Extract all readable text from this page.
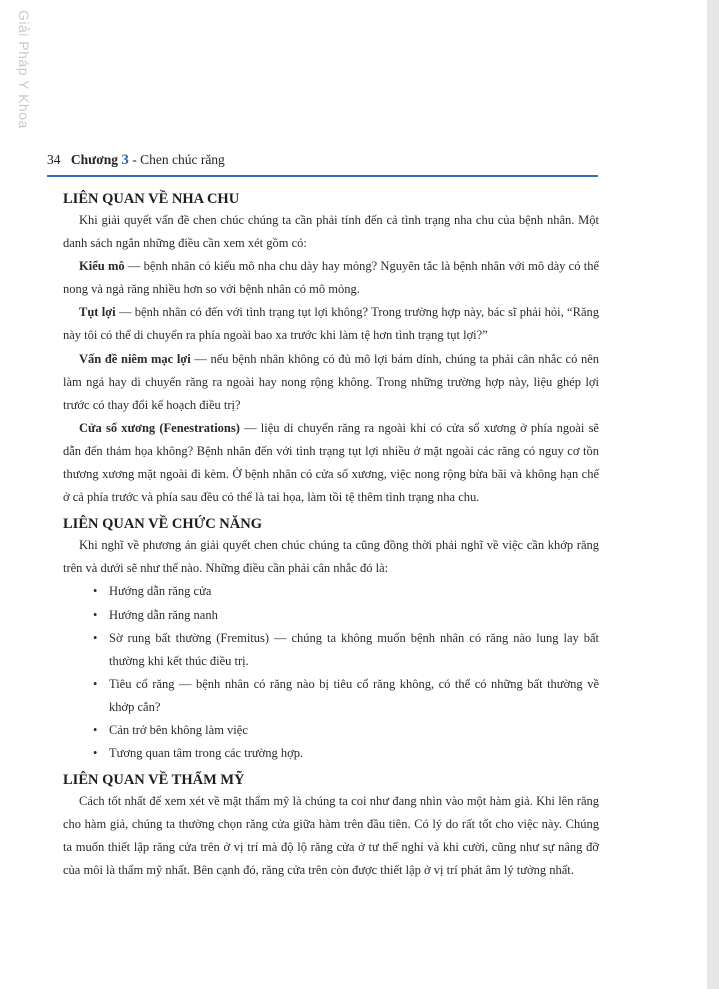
Giải Pháp Y Khoa
34 Chương 3 - Chen chúc răng
LIÊN QUAN VỀ NHA CHU

Khi giải quyết vấn đề chen chúc chúng ta cần phải tính đến cả tình trạng nha chu của bệnh nhân. Một danh sách ngắn những điều cần xem xét gồm có:

Kiểu mô — bệnh nhân có kiểu mô nha chu dày hay mỏng? Nguyên tắc là bệnh nhân với mô dày có thể nong và ngả răng nhiều hơn so với bệnh nhân có mô mỏng.

Tụt lợi — bệnh nhân có đến với tình trạng tụt lợi không? Trong trường hợp này, bác sĩ phải hỏi, “Răng này tôi có thể di chuyển ra phía ngoài bao xa trước khi làm tệ hơn tình trạng tụt lợi?”

Vấn đề niêm mạc lợi — nếu bệnh nhân không có đủ mô lợi bám dính, chúng ta phải cân nhắc có nên làm ngả hay di chuyển răng ra ngoài hay nong rộng không. Trong những trường hợp này, liệu ghép lợi trước có thay đổi kế hoạch điều trị?

Cửa sổ xương (Fenestrations) — liệu di chuyển răng ra ngoài khi có cửa sổ xương ở phía ngoài sẽ dẫn đến thảm họa không? Bệnh nhân đến với tình trạng tụt lợi nhiều ở mặt ngoài các răng có nguy cơ tồn thương xương mặt ngoài đi kèm. Ở bệnh nhân có cửa sổ xương, việc nong rộng bừa bãi và không hạn chế ở cả phía trước và phía sau đều có thể là tai họa, làm tồi tệ thêm tình trạng nha chu.

LIÊN QUAN VỀ CHỨC NĂNG

Khi nghĩ về phương án giải quyết chen chúc chúng ta cũng đồng thời phải nghĩ về việc cần khớp răng trên và dưới sẽ như thế nào. Những điều cần phải cân nhắc đó là:

• Hướng dẫn răng cửa
• Hướng dẫn răng nanh
• Sờ rung bất thường (Fremitus) — chúng ta không muốn bệnh nhân có răng nào lung lay bất thường khi kết thúc điều trị.
• Tiêu cổ răng — bệnh nhân có răng nào bị tiêu cổ răng không, có thể có những bất thường về khớp cắn?
• Cản trở bên không làm việc
• Tương quan tâm trong các trường hợp.
LIÊN QUAN VỀ THẨM MỸ

Cách tốt nhất để xem xét về mặt thẩm mỹ là chúng ta coi như đang nhìn vào một hàm giả. Khi lên răng cho hàm giả, chúng ta thường chọn răng cửa giữa hàm trên đầu tiên. Có lý do rất tốt cho việc này. Chúng ta muốn thiết lập răng cửa trên ở vị trí mà độ lộ răng cửa ở tư thế nghỉ và khi cười, cũng như sự nâng đỡ của môi là thẩm mỹ nhất. Bên cạnh đó, răng cửa trên còn được thiết lập ở vị trí phát âm lý tưởng nhất.
